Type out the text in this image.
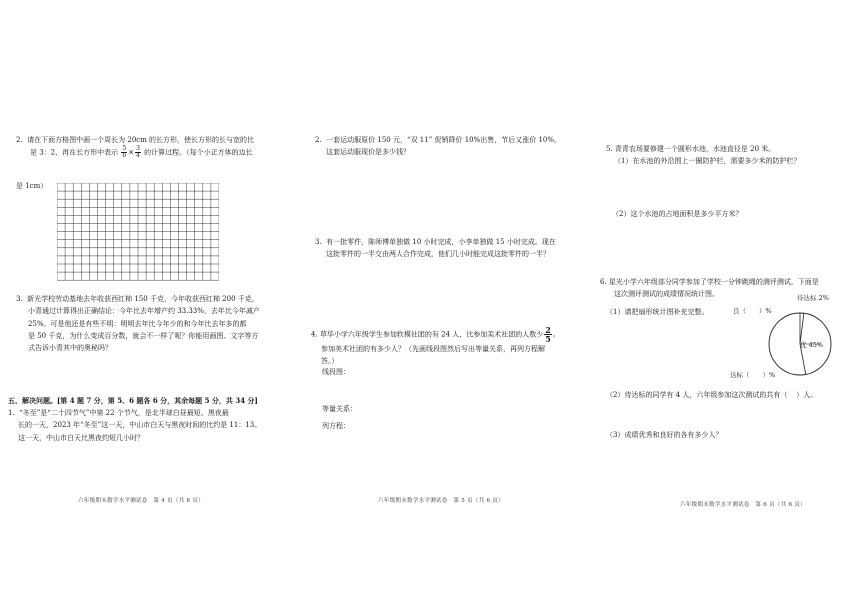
2. 请在下面方格图中画一个周长为 20cm 的长方形，使长方形的长与宽的比
是 3：2，再在长方形中表示 $\frac{5}{6} \times \frac{3}{4}$ 的计算过程。（每个小正方体的边长
是 1cm）
3. 新光学校劳动基地去年收获西红柿 150 千克，今年收获西红柿 200 千克，
小青通过计算得出正确结论：今年比去年增产约 33.33%，去年比今年减产
25%。可是他还是有些不明：明明去年比今年少的和今年比去年多的都
是 50 千克，为什么变成百分数，就会不一样了呢？你能用画图、文字等方
式告诉小青其中的奥秘吗？
五、解决问题。[第 4 题 7 分，第 5、6 题各 6 分，其余每题 5 分，共 34 分]
1. “冬至”是“二十四节气”中第 22 个节气，是北半球白昼最短、黑夜最
长的一天，2023 年“冬至”这一天，中山市白天与黑夜时间的比约是 11：13。
这一天，中山市白天比黑夜约短几小时？
六年级期末数学水平测试卷　第 4 页（共 6 页）
2. 一套运动服原价 150 元，“双 11” 促销降价 10%出售，节后又涨价 10%，
这套运动服现价是多少钱？
3. 有一批零件，陈师傅单独做 10 小时完成，小李单独做 15 小时完成。现在
这批零件的一半交由两人合作完成，他们几小时能完成这批零件的一半？
4. 草华小学六年级学生参加软模社团的有 24 人，比参加美术社团的人数少 $\frac{2}{5}$ 。
参加美术社团的有多少人？（先画线段图然后写出等量关系，再列方程解
答。）
线段图：
等量关系：
列方程：
六年级期末数学水平测试卷　第 5 页（共 6 页）
5. 青青农场要修建一个圆形水池，水池直径是 20 米。
（1）在水池的外沿围上一圈防护栏，需要多少米的防护栏？
（2）这个水池的占地面积是多少平方米？
6. 星光小学六年级部分同学参加了学校一分钟跳绳的测评测试，下面是
这次测评测试的成绩情况统计图。
（1）请把扇形统计图补充完整。
待达标 2%
良（　　）%
优 45%
达标（　　）%
（2）待达标的同学有 4 人，六年级参加这次测试的共有（ ）人。
（3）成绩优秀和良好的各有多少人？
六年级期末数学水平测试卷　第 6 页（共 6 页）
